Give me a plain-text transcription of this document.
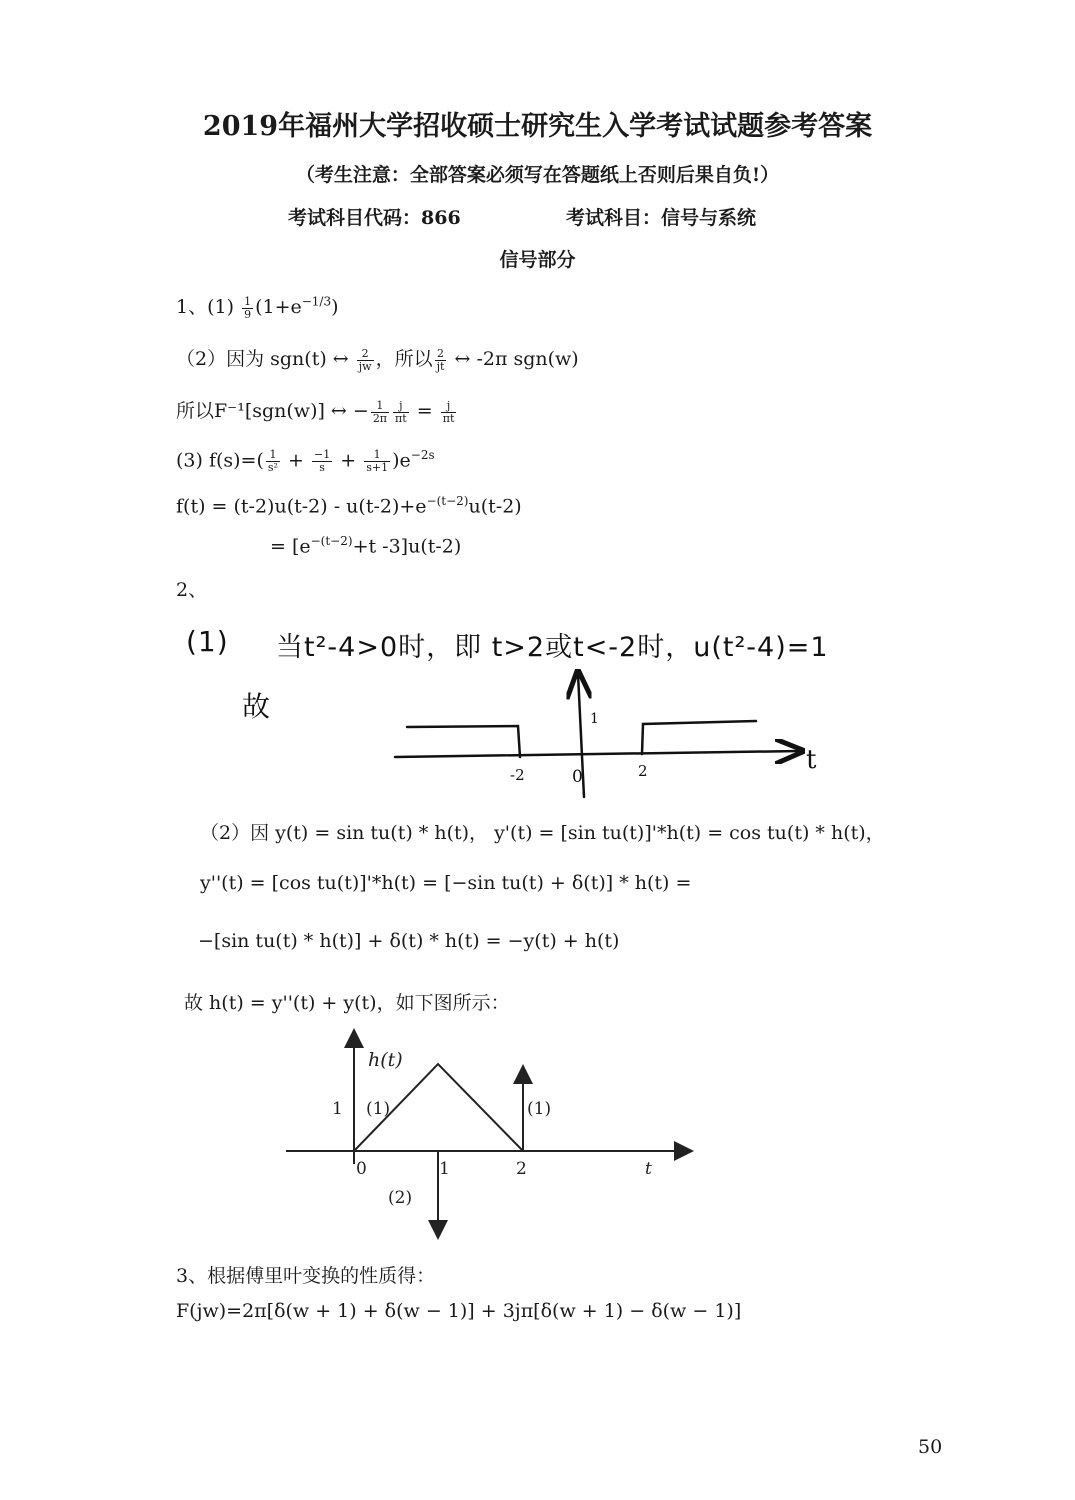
2019年福州大学招收硕士研究生入学考试试题参考答案
（考生注意：全部答案必须写在答题纸上否则后果自负!）
考试科目代码：866	考试科目：信号与系统
信号部分
1、$(1) \frac{1}{9} (1+e^{-1/3})$
（2）因为 sgn(t) ↔ $\frac{2}{jw}$ ，所以 $\frac{2}{jt}$ ↔ -2π sgn(w)
所以F⁻¹[sgn(w)] ↔ − $\frac{1}{2\pi} \frac{j}{\pi t} = \frac{j}{\pi t}$
(3) $f(s)=( \frac{1}{\text{s²}} + \frac{-1}{s} + \frac{1}{s+1} )e^{-2s}$
$f(t) = (t-2)u(t-2) - u(t-2)+e^{-(t-2)}u(t-2)$
= [$e^{-(t-2)}+t$ -3]u(t-2)
2、
(1) 当t²-4>0时，即 t>2或t<-2时，u(t²-4)=1
故	1
-2	0	2	t
（2）因 y(t) = sin tu(t) * h(t)， y'(t) = [sin tu(t)]'*h(t) = cos tu(t) * h(t)，
y''(t) = [cos tu(t)]'*h(t) = [−sin tu(t) + δ(t)] * h(t) =
−[sin tu(t) * h(t)] + δ(t) * h(t) = −y(t) + h(t)
故 h(t) = y''(t) + y(t)，如下图所示：
h(t)
1 (1)	(1)
(2)
0	1	2	t
3、根据傅里叶变换的性质得：
F(jw)=2π[δ(w + 1) + δ(w − 1)] + 3jπ[δ(w + 1) − δ(w − 1)]
50
